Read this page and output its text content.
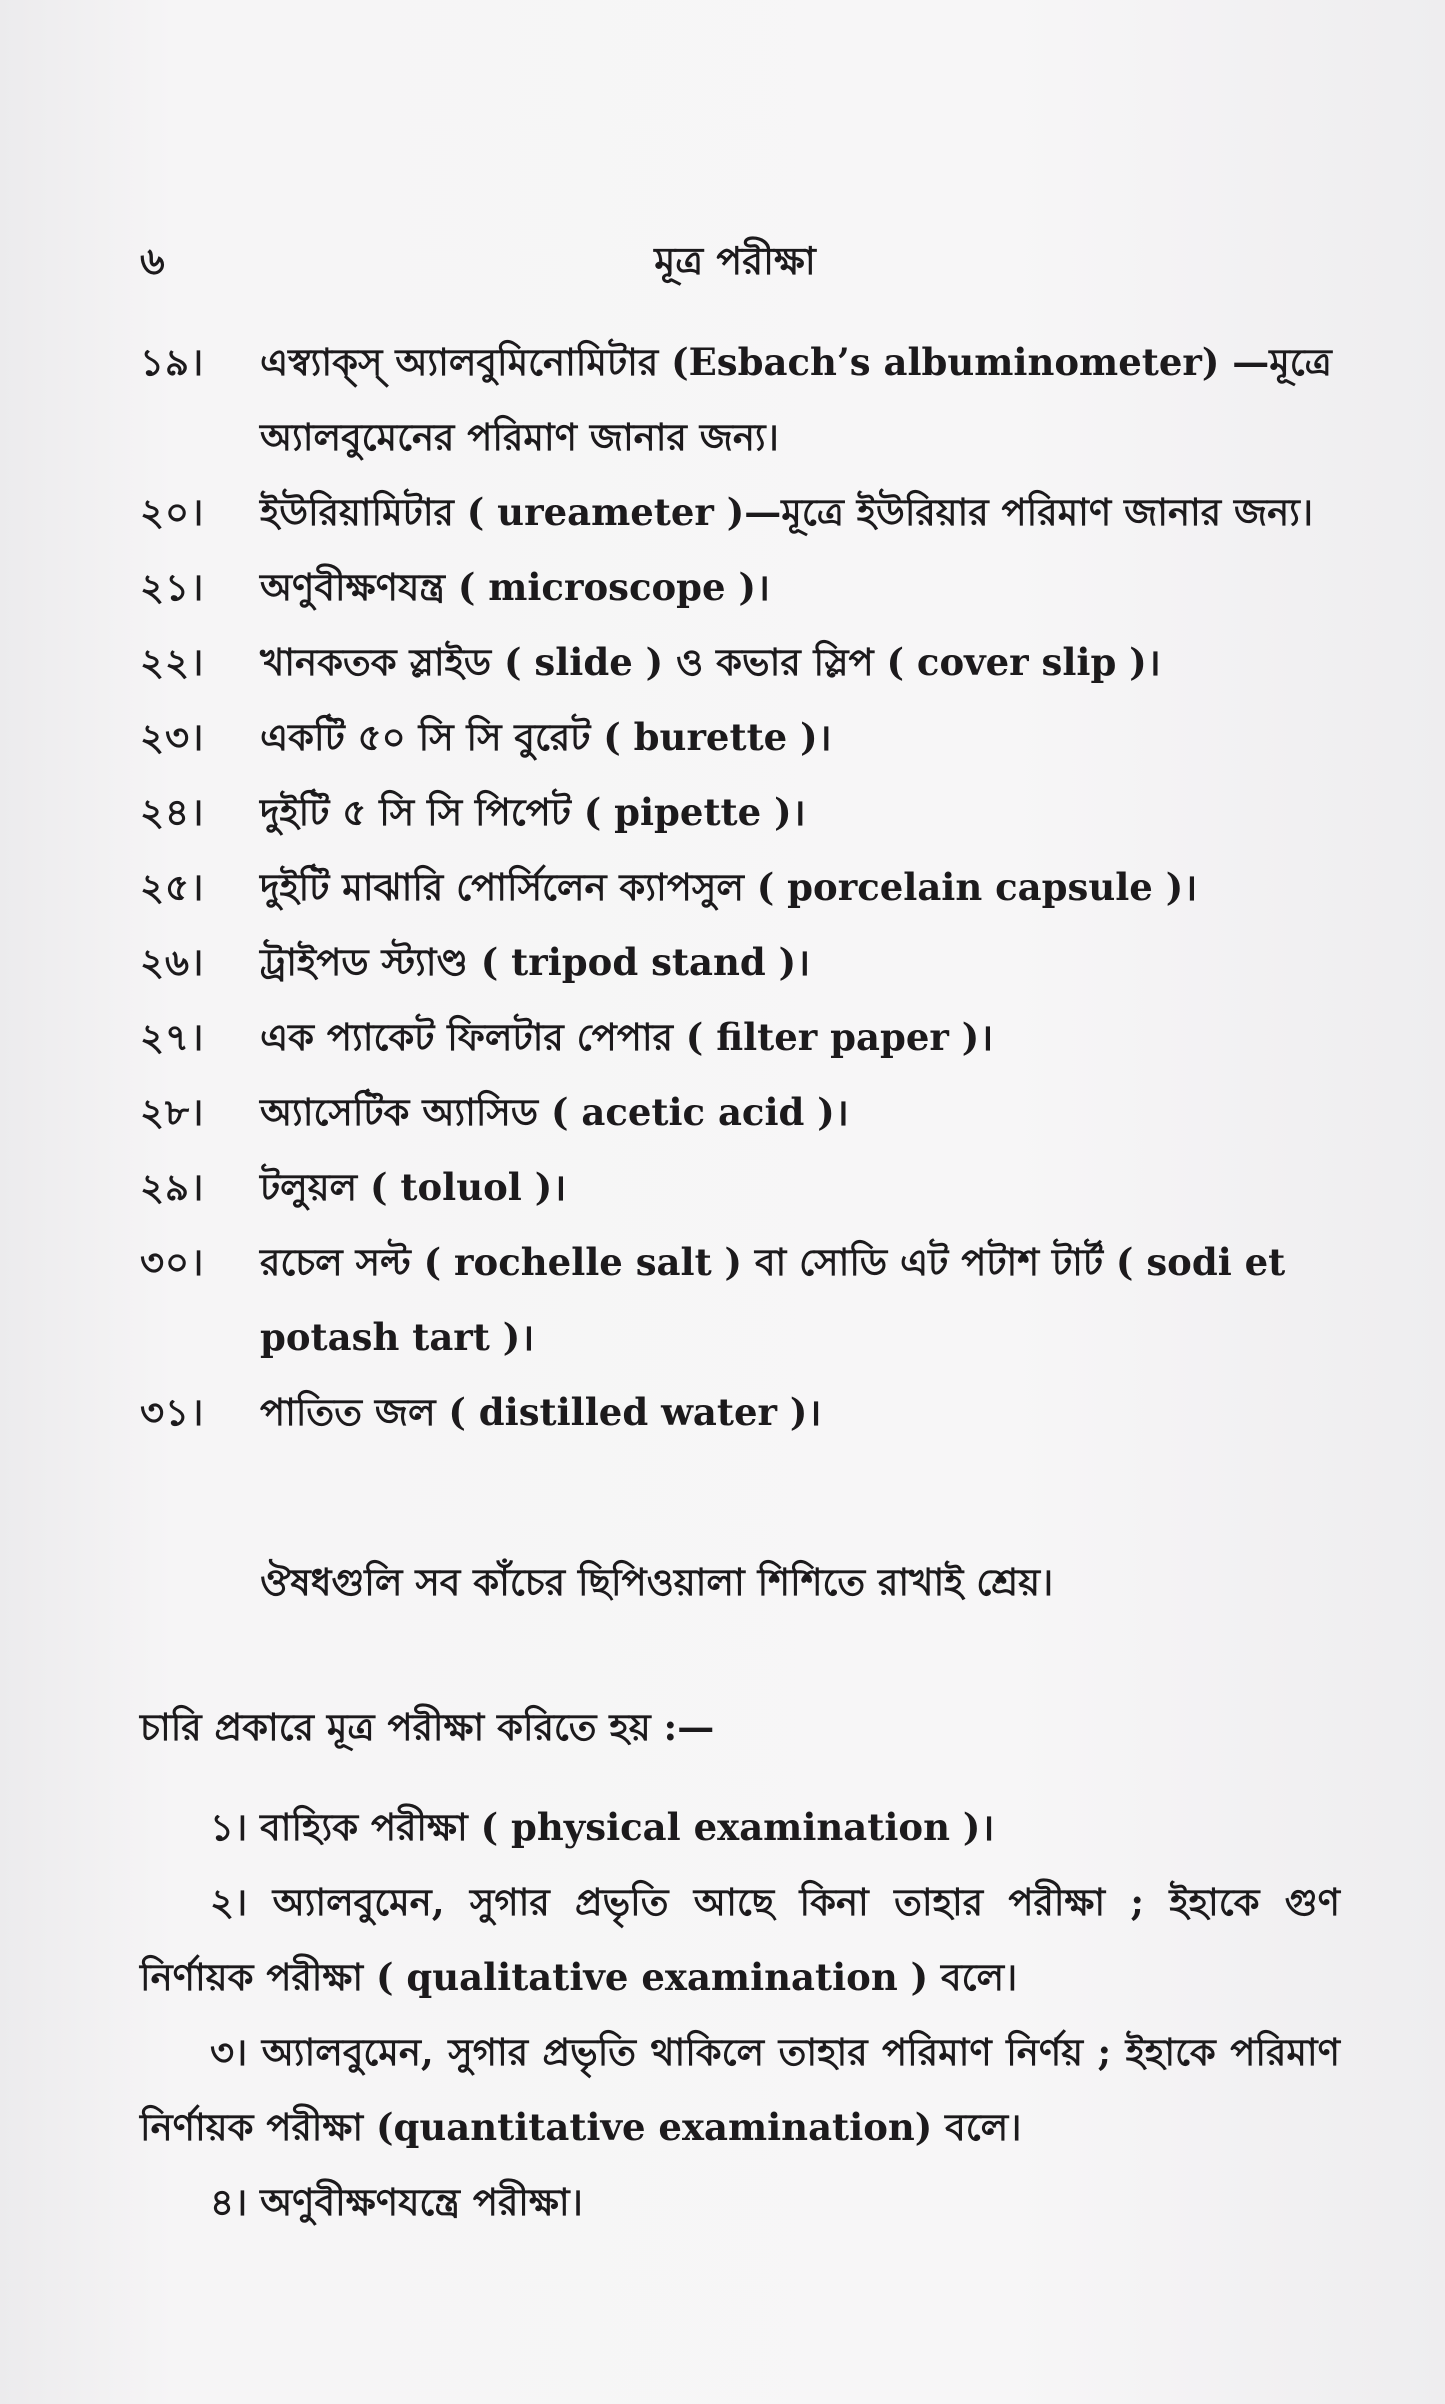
৬	মূত্র পরীক্ষা
১৯।	এস্ব্যাক্স্ অ্যালবুমিনোমিটার (Esbach’s albuminometer) —মূত্রে অ্যালবুমেনের পরিমাণ জানার জন্য।
২০।	ইউরিয়ামিটার ( ureameter )—মূত্রে ইউরিয়ার পরিমাণ জানার জন্য।
২১।	অণুবীক্ষণযন্ত্র ( microscope )।
২২।	খানকতক স্লাইড ( slide ) ও কভার স্লিপ ( cover slip )।
২৩।	একটি ৫০ সি সি বুরেট ( burette )।
২৪।	দুইটি ৫ সি সি পিপেট ( pipette )।
২৫।	দুইটি মাঝারি পোর্সিলেন ক্যাপসুল ( porcelain capsule )।
২৬।	ট্রাইপড স্ট্যাণ্ড ( tripod stand )।
২৭।	এক প্যাকেট ফিলটার পেপার ( filter paper )।
২৮।	অ্যাসেটিক অ্যাসিড ( acetic acid )।
২৯।	টলুয়ল ( toluol )।
৩০।	রচেল সল্ট ( rochelle salt ) বা সোডি এট পটাশ টার্ট ( sodi et potash tart )।
৩১।	পাতিত জল ( distilled water )।
ঔষধগুলি সব কাঁচের ছিপিওয়ালা শিশিতে রাখাই শ্রেয়।
চারি প্রকারে মূত্র পরীক্ষা করিতে হয় :—
১। বাহ্যিক পরীক্ষা ( physical examination )।
২। অ্যালবুমেন, সুগার প্রভৃতি আছে কিনা তাহার পরীক্ষা ; ইহাকে গুণ নির্ণায়ক পরীক্ষা ( qualitative examination ) বলে।
৩। অ্যালবুমেন, সুগার প্রভৃতি থাকিলে তাহার পরিমাণ নির্ণয় ; ইহাকে পরিমাণ নির্ণায়ক পরীক্ষা (quantitative examination) বলে।
৪। অণুবীক্ষণযন্ত্রে পরীক্ষা।
